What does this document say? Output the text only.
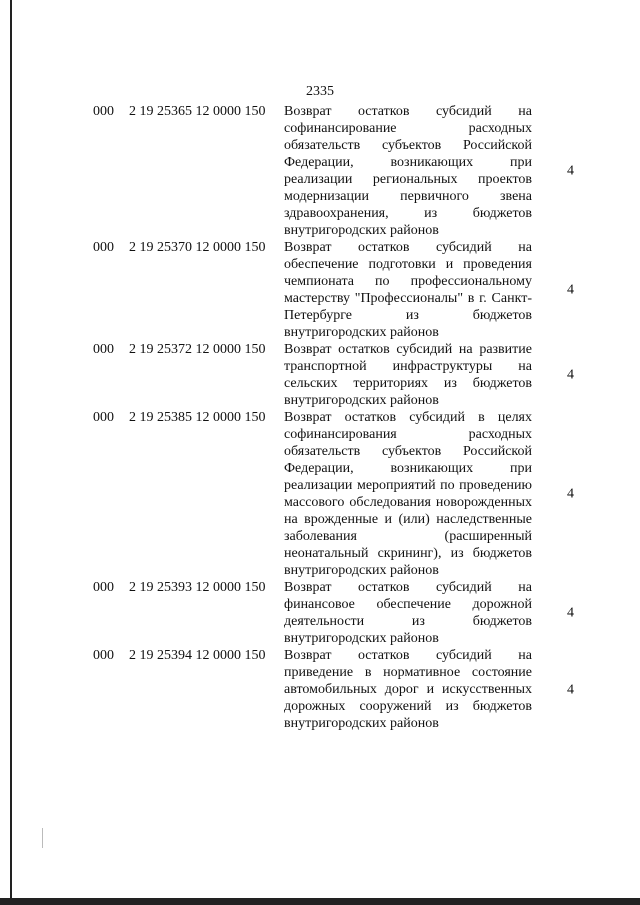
2335
000 2 19 25365 12 0000 150 Возврат остатков субсидий на софинансирование расходных обязательств субъектов Российской Федерации, возникающих при реализации региональных проектов модернизации первичного звена здравоохранения, из бюджетов внутригородских районов
4
000 2 19 25370 12 0000 150 Возврат остатков субсидий на обеспечение подготовки и проведения чемпионата по профессиональному мастерству "Профессионалы" в г. Санкт-Петербурге из бюджетов внутригородских районов
4
000 2 19 25372 12 0000 150 Возврат остатков субсидий на развитие транспортной инфраструктуры на сельских территориях из бюджетов внутригородских районов
4
000 2 19 25385 12 0000 150 Возврат остатков субсидий в целях софинансирования расходных обязательств субъектов Российской Федерации, возникающих при реализации мероприятий по проведению массового обследования новорожденных на врожденные и (или) наследственные заболевания (расширенный неонатальный скрининг), из бюджетов внутригородских районов
4
000 2 19 25393 12 0000 150 Возврат остатков субсидий на финансовое обеспечение дорожной деятельности из бюджетов внутригородских районов
4
000 2 19 25394 12 0000 150 Возврат остатков субсидий на приведение в нормативное состояние автомобильных дорог и искусственных дорожных сооружений из бюджетов внутригородских районов
4
